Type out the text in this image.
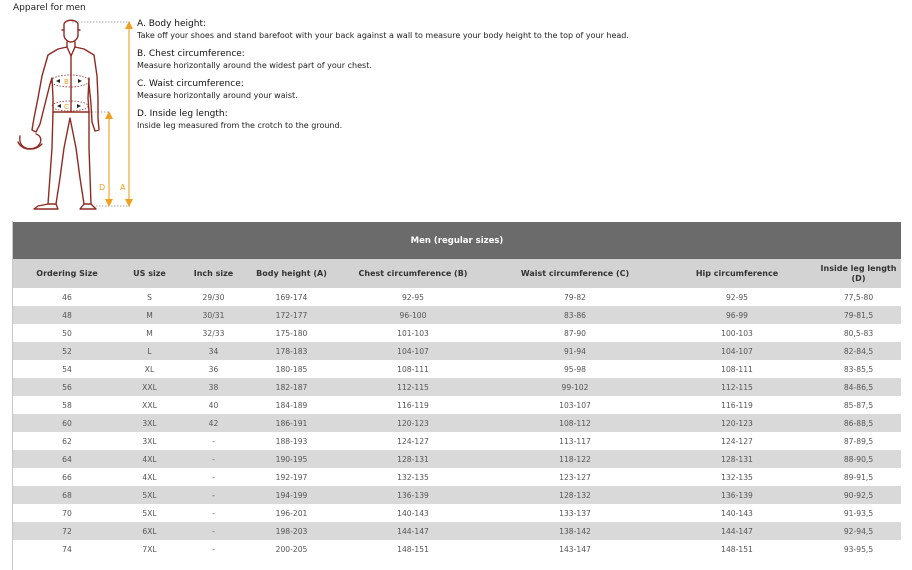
Apparel for men
B
C
A
D
A. Body height:
Take off your shoes and stand barefoot with your back against a wall to measure your body height to the top of your head.
B. Chest circumference:
Measure horizontally around the widest part of your chest.
C. Waist circumference:
Measure horizontally around your waist.
D. Inside leg length:
Inside leg measured from the crotch to the ground.
Men (regular sizes)
Ordering Size	US size	Inch size	Body height (A)	Chest circumference (B)	Waist circumference (C)	Hip circumference	Inside leg length (D)
46	S	29/30	169-174	92-95	79-82	92-95	77,5-80
48	M	30/31	172-177	96-100	83-86	96-99	79-81,5
50	M	32/33	175-180	101-103	87-90	100-103	80,5-83
52	L	34	178-183	104-107	91-94	104-107	82-84,5
54	XL	36	180-185	108-111	95-98	108-111	83-85,5
56	XXL	38	182-187	112-115	99-102	112-115	84-86,5
58	XXL	40	184-189	116-119	103-107	116-119	85-87,5
60	3XL	42	186-191	120-123	108-112	120-123	86-88,5
62	3XL	-	188-193	124-127	113-117	124-127	87-89,5
64	4XL	-	190-195	128-131	118-122	128-131	88-90,5
66	4XL	-	192-197	132-135	123-127	132-135	89-91,5
68	5XL	-	194-199	136-139	128-132	136-139	90-92,5
70	5XL	-	196-201	140-143	133-137	140-143	91-93,5
72	6XL	-	198-203	144-147	138-142	144-147	92-94,5
74	7XL	-	200-205	148-151	143-147	148-151	93-95,5
